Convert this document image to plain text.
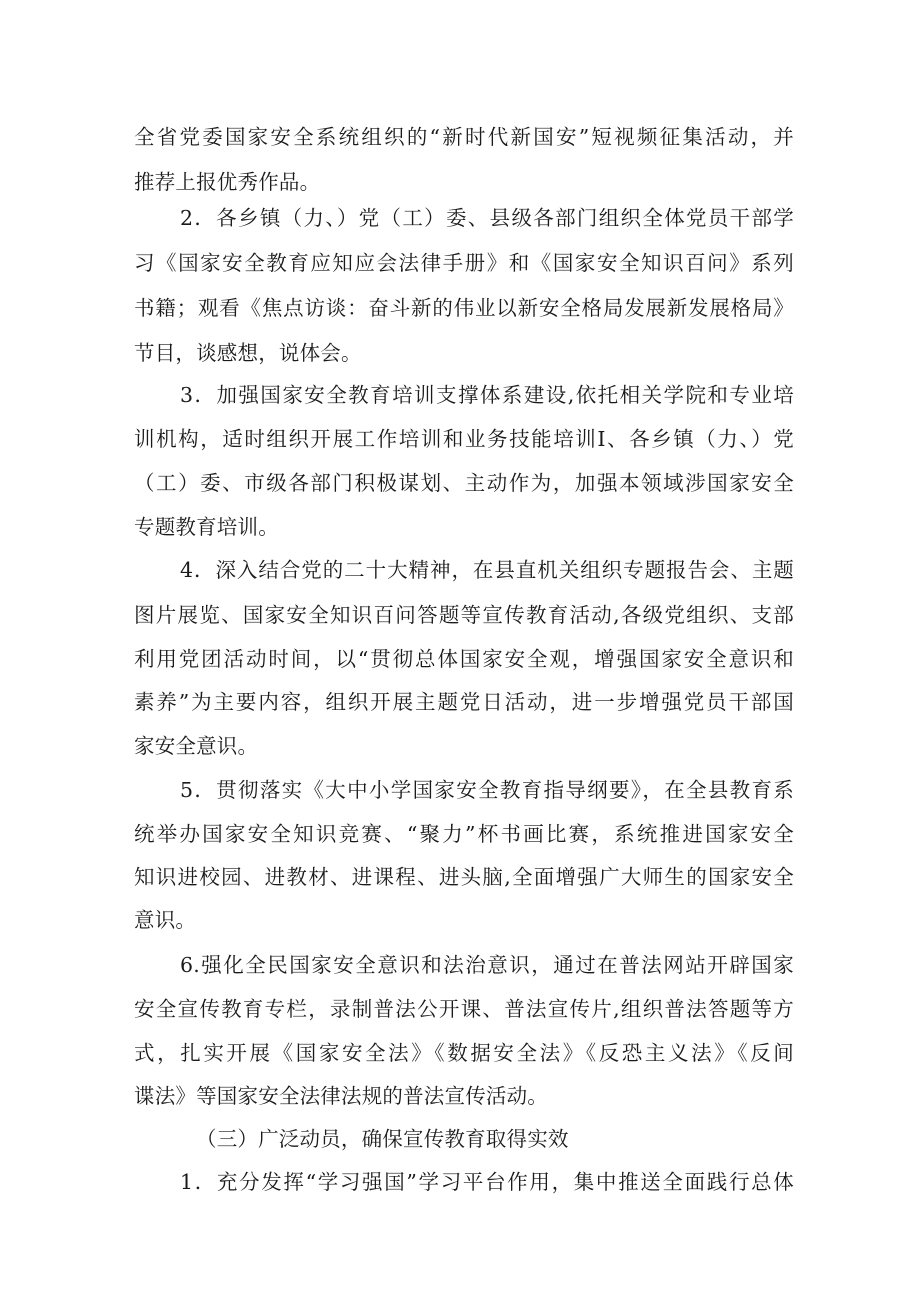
全省党委国家安全系统组织的“新时代新国安”短视频征集活动，并
推荐上报优秀作品。
2．各乡镇（力、）党（工）委、县级各部门组织全体党员干部学
习《国家安全教育应知应会法律手册》和《国家安全知识百问》系列
书籍；观看《焦点访谈：奋斗新的伟业以新安全格局发展新发展格局》
节目，谈感想，说体会。
3．加强国家安全教育培训支撑体系建设,依托相关学院和专业培
训机构，适时组织开展工作培训和业务技能培训I、各乡镇（力、）党
（工）委、市级各部门积极谋划、主动作为，加强本领域涉国家安全
专题教育培训。
4．深入结合党的二十大精神，在县直机关组织专题报告会、主题
图片展览、国家安全知识百问答题等宣传教育活动,各级党组织、支部
利用党团活动时间，以“贯彻总体国家安全观，增强国家安全意识和
素养”为主要内容，组织开展主题党日活动，进一步增强党员干部国
家安全意识。
5．贯彻落实《大中小学国家安全教育指导纲要》，在全县教育系
统举办国家安全知识竞赛、“聚力”杯书画比赛，系统推进国家安全
知识进校园、进教材、进课程、进头脑,全面增强广大师生的国家安全
意识。
6.强化全民国家安全意识和法治意识，通过在普法网站开辟国家
安全宣传教育专栏，录制普法公开课、普法宣传片,组织普法答题等方
式，扎实开展《国家安全法》《数据安全法》《反恐主义法》《反间
谍法》等国家安全法律法规的普法宣传活动。
（三）广泛动员，确保宣传教育取得实效
1．充分发挥“学习强国”学习平台作用，集中推送全面践行总体
